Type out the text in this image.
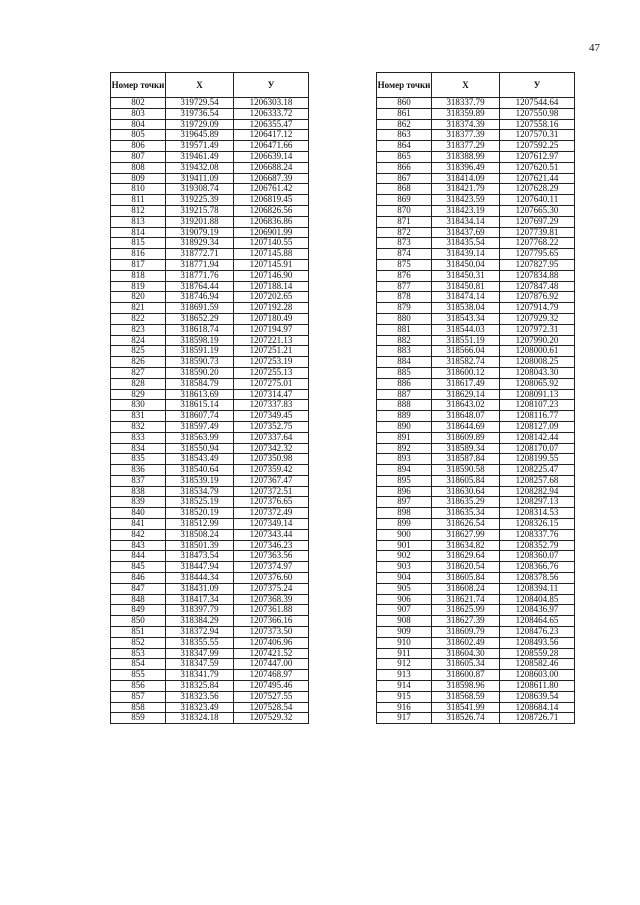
47
Номер точки	X	У
802	319729.54	1206303.18
803	319736.54	1206333.72
804	319729.09	1206355.47
805	319645.89	1206417.12
806	319571.49	1206471.66
807	319461.49	1206639.14
808	319432.08	1206688.24
809	319411.09	1206687.39
810	319308.74	1206761.42
811	319225.39	1206819.45
812	319215.78	1206826.56
813	319201.88	1206836.86
814	319079.19	1206901.99
815	318929.34	1207140.55
816	318772.71	1207145.88
817	318771.94	1207145.91
818	318771.76	1207146.90
819	318764.44	1207188.14
820	318746.94	1207202.65
821	318691.59	1207192.28
822	318652.29	1207180.49
823	318618.74	1207194.97
824	318598.19	1207221.13
825	318591.19	1207251.21
826	318590.73	1207253.19
827	318590.20	1207255.13
828	318584.79	1207275.01
829	318613.69	1207314.47
830	318615.14	1207337.83
831	318607.74	1207349.45
832	318597.49	1207352.75
833	318563.99	1207337.64
834	318550.94	1207342.32
835	318543.49	1207350.98
836	318540.64	1207359.42
837	318539.19	1207367.47
838	318534.79	1207372.51
839	318525.19	1207376.65
840	318520.19	1207372.49
841	318512.99	1207349.14
842	318508.24	1207343.44
843	318501.39	1207346.23
844	318473.54	1207363.56
845	318447.94	1207374.97
846	318444.34	1207376.60
847	318431.09	1207375.24
848	318417.34	1207368.39
849	318397.79	1207361.88
850	318384.29	1207366.16
851	318372.94	1207373.50
852	318355.55	1207406.96
853	318347.99	1207421.52
854	318347.59	1207447.00
855	318341.79	1207468.97
856	318325.84	1207495.46
857	318323.56	1207527.55
858	318323.49	1207528.54
859	318324.18	1207529.32
Номер точки	X	У
860	318337.79	1207544.64
861	318359.89	1207550.98
862	318374.39	1207558.16
863	318377.39	1207570.31
864	318377.29	1207592.25
865	318388.99	1207612.97
866	318396.49	1207620.51
867	318414.09	1207621.44
868	318421.79	1207628.29
869	318423.59	1207640.11
870	318423.19	1207665.30
871	318434.14	1207697.29
872	318437.69	1207739.81
873	318435.54	1207768.22
874	318439.14	1207795.65
875	318450.04	1207827.95
876	318450.31	1207834.88
877	318450.81	1207847.48
878	318474.14	1207876.92
879	318538.04	1207914.79
880	318543.34	1207929.32
881	318544.03	1207972.31
882	318551.19	1207990.20
883	318566.04	1208000.61
884	318582.74	1208008.25
885	318600.12	1208043.30
886	318617.49	1208065.92
887	318629.14	1208091.13
888	318643.02	1208107.23
889	318648.07	1208116.77
890	318644.69	1208127.09
891	318609.89	1208142.44
892	318589.34	1208170.07
893	318587.84	1208199.55
894	318590.58	1208225.47
895	318605.84	1208257.68
896	318630.64	1208282.94
897	318635.29	1208297.13
898	318635.34	1208314.53
899	318626.54	1208326.15
900	318627.99	1208337.76
901	318634.82	1208352.79
902	318629.64	1208360.07
903	318620.54	1208366.76
904	318605.84	1208378.56
905	318608.24	1208394.11
906	318621.74	1208404.85
907	318625.99	1208436.97
908	318627.39	1208464.65
909	318609.79	1208476.23
910	318602.49	1208493.56
911	318604.30	1208559.28
912	318605.34	1208582.46
913	318600.87	1208603.00
914	318598.96	1208611.80
915	318568.59	1208639.54
916	318541.99	1208684.14
917	318526.74	1208726.71
